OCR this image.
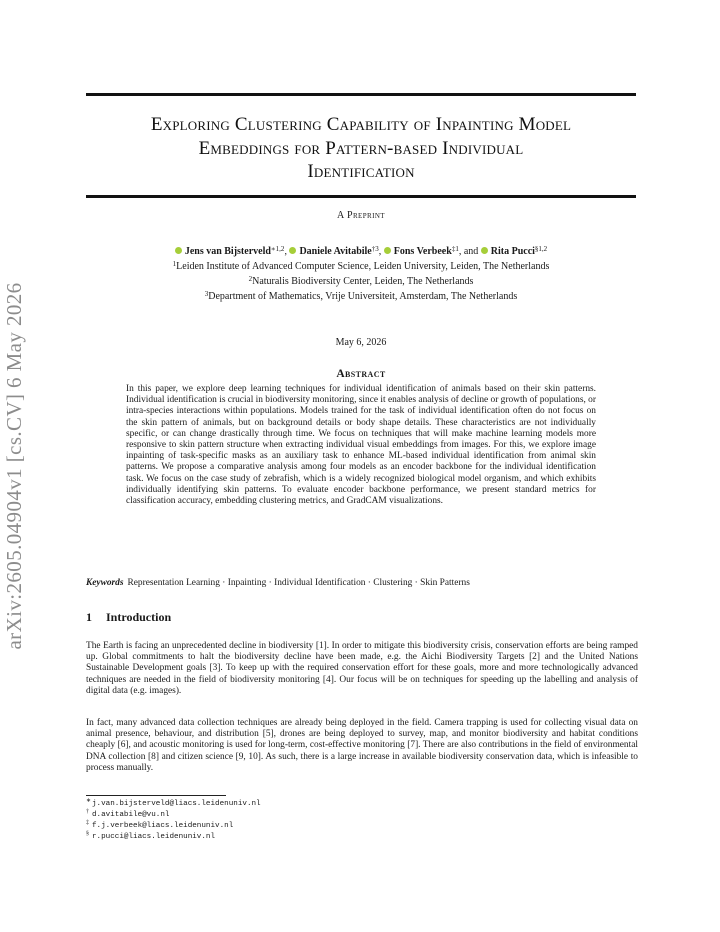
arXiv:2605.04904v1 [cs.CV] 6 May 2026
Exploring Clustering Capability of Inpainting Model
Embeddings for Pattern-based Individual
Identification
A Preprint
Jens van Bijsterveld$^{∗1,2}$, Daniele Avitabile$^{\dagger 3}$, Fons Verbeek$^{\ddagger 1}$, and Rita Pucci$^{\S 1,2}$
$^1$Leiden Institute of Advanced Computer Science, Leiden University, Leiden, The Netherlands
$^2$Naturalis Biodiversity Center, Leiden, The Netherlands
$^3$Department of Mathematics, Vrije Universiteit, Amsterdam, The Netherlands
May 6, 2026
Abstract
In this paper, we explore deep learning techniques for individual identification of animals based on their skin patterns. Individual identification is crucial in biodiversity monitoring, since it enables analysis of decline or growth of populations, or intra-species interactions within populations. Models trained for the task of individual identification often do not focus on the skin pattern of animals, but on background details or body shape details. These characteristics are not individually specific, or can change drastically through time. We focus on techniques that will make machine learning models more responsive to skin pattern structure when extracting individual visual embeddings from images. For this, we explore image inpainting of task-specific masks as an auxiliary task to enhance ML-based individual identification from animal skin patterns. We propose a comparative analysis among four models as an encoder backbone for the individual identification task. We focus on the case study of zebrafish, which is a widely recognized biological model organism, and which exhibits individually identifying skin patterns. To evaluate encoder backbone performance, we present standard metrics for classification accuracy, embedding clustering metrics, and GradCAM visualizations.
Keywords Representation Learning · Inpainting · Individual Identification · Clustering · Skin Patterns
1 Introduction
The Earth is facing an unprecedented decline in biodiversity [1]. In order to mitigate this biodiversity crisis, conservation efforts are being ramped up. Global commitments to halt the biodiversity decline have been made, e.g. the Aichi Biodiversity Targets [2] and the United Nations Sustainable Development goals [3]. To keep up with the required conservation effort for these goals, more and more technologically advanced techniques are needed in the field of biodiversity monitoring [4]. Our focus will be on techniques for speeding up the labelling and analysis of digital data (e.g. images).
In fact, many advanced data collection techniques are already being deployed in the field. Camera trapping is used for collecting visual data on animal presence, behaviour, and distribution [5], drones are being deployed to survey, map, and monitor biodiversity and habitat conditions cheaply [6], and acoustic monitoring is used for long-term, cost-effective monitoring [7]. There are also contributions in the field of environmental DNA collection [8] and citizen science [9, 10]. As such, there is a large increase in available biodiversity conservation data, which is infeasible to process manually.
∗ j.van.bijsterveld@liacs.leidenuniv.nl
† d.avitabile@vu.nl
‡ f.j.verbeek@liacs.leidenuniv.nl
§ r.pucci@liacs.leidenuniv.nl
